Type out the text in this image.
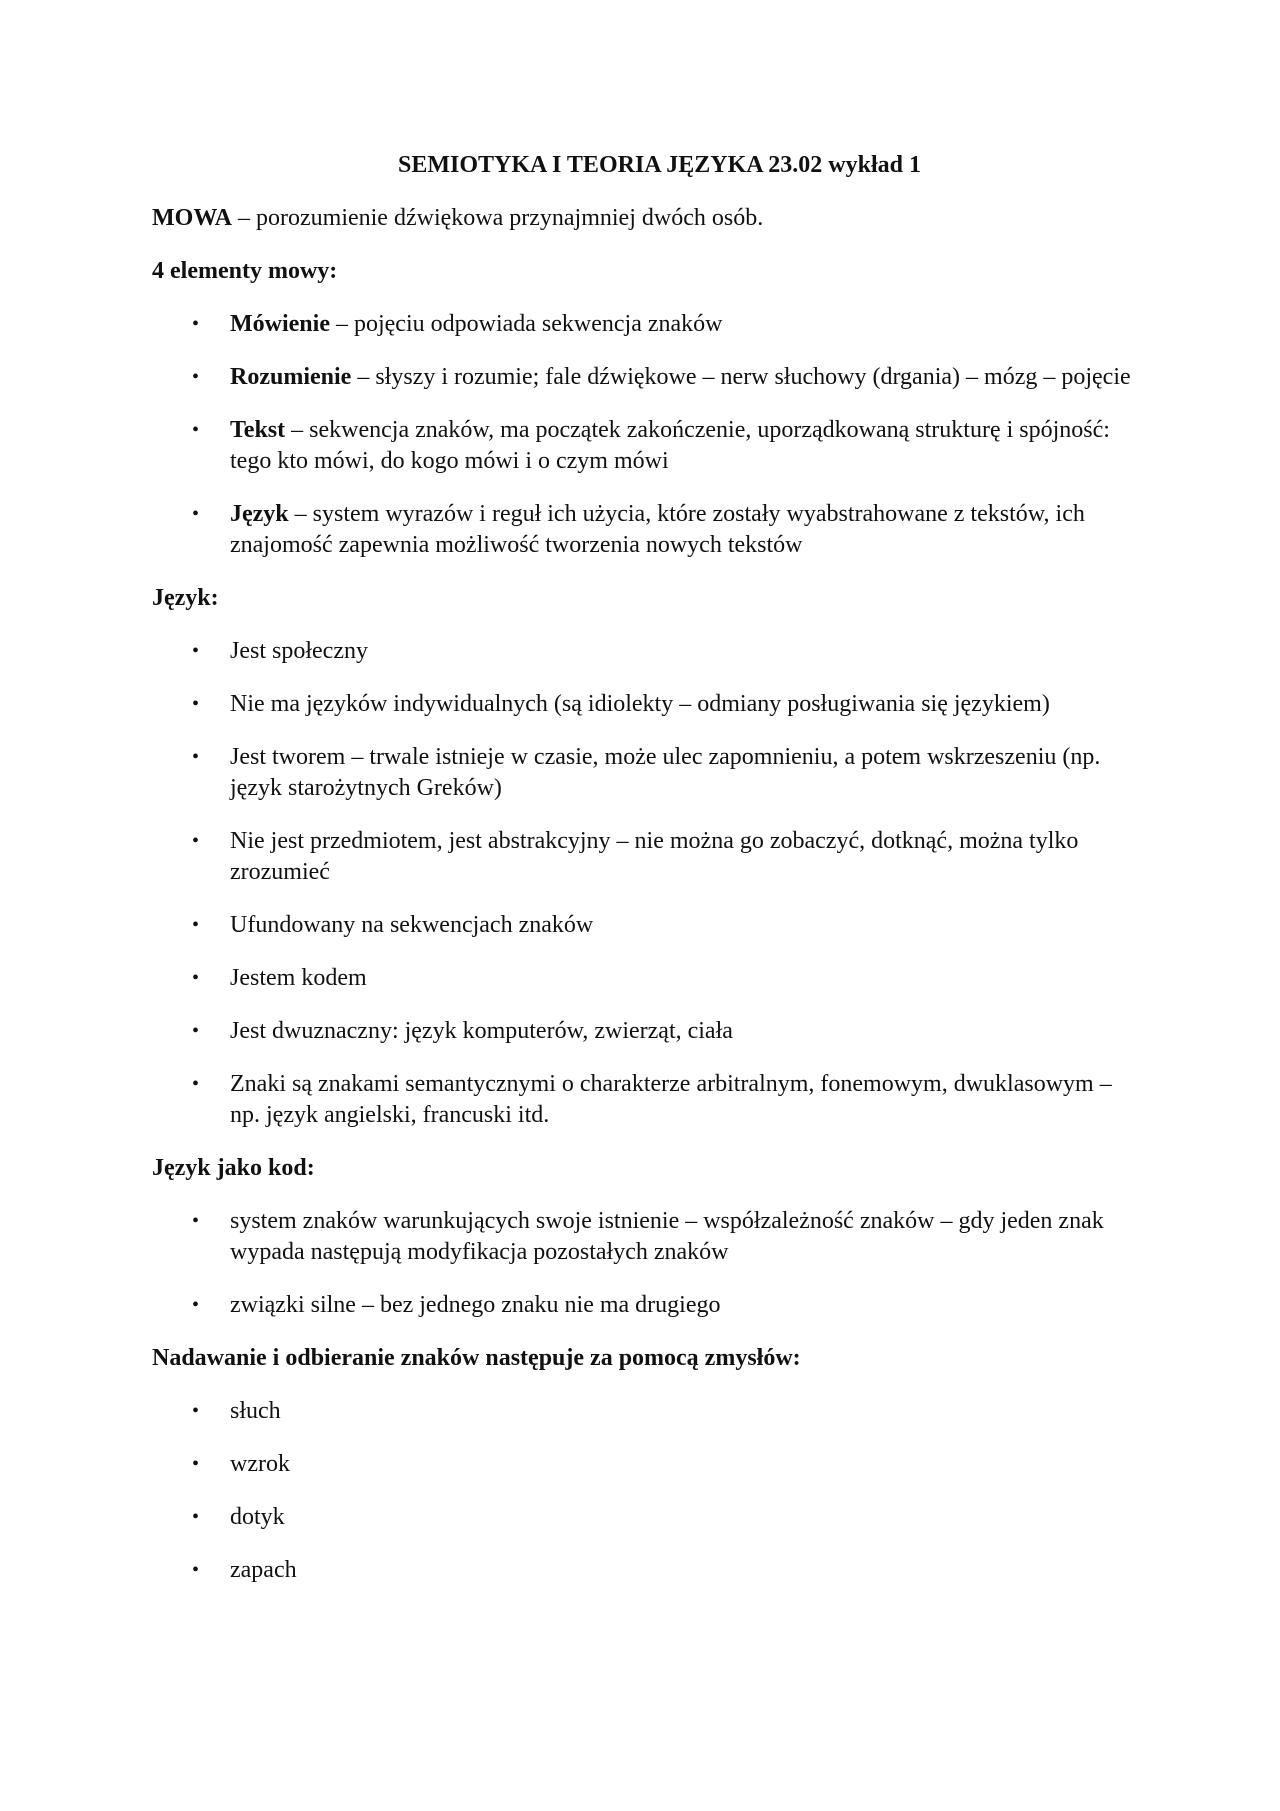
SEMIOTYKA I TEORIA JĘZYKA 23.02 wykład 1

MOWA – porozumienie dźwiękowa przynajmniej dwóch osób.

4 elementy mowy:

• Mówienie – pojęciu odpowiada sekwencja znaków
• Rozumienie – słyszy i rozumie; fale dźwiękowe – nerw słuchowy (drgania) – mózg – pojęcie
• Tekst – sekwencja znaków, ma początek zakończenie, uporządkowaną strukturę i spójność: tego kto mówi, do kogo mówi i o czym mówi
• Język – system wyrazów i reguł ich użycia, które zostały wyabstrahowane z tekstów, ich znajomość zapewnia możliwość tworzenia nowych tekstów

Język:

• Jest społeczny
• Nie ma języków indywidualnych (są idiolekty – odmiany posługiwania się językiem)
• Jest tworem – trwale istnieje w czasie, może ulec zapomnieniu, a potem wskrzeszeniu (np. język starożytnych Greków)
• Nie jest przedmiotem, jest abstrakcyjny – nie można go zobaczyć, dotknąć, można tylko zrozumieć
• Ufundowany na sekwencjach znaków
• Jestem kodem
• Jest dwuznaczny: język komputerów, zwierząt, ciała
• Znaki są znakami semantycznymi o charakterze arbitralnym, fonemowym, dwuklasowym – np. język angielski, francuski itd.

Język jako kod:

• system znaków warunkujących swoje istnienie – współzależność znaków – gdy jeden znak wypada następują modyfikacja pozostałych znaków
• związki silne – bez jednego znaku nie ma drugiego

Nadawanie i odbieranie znaków następuje za pomocą zmysłów:

• słuch
• wzrok
• dotyk
• zapach
